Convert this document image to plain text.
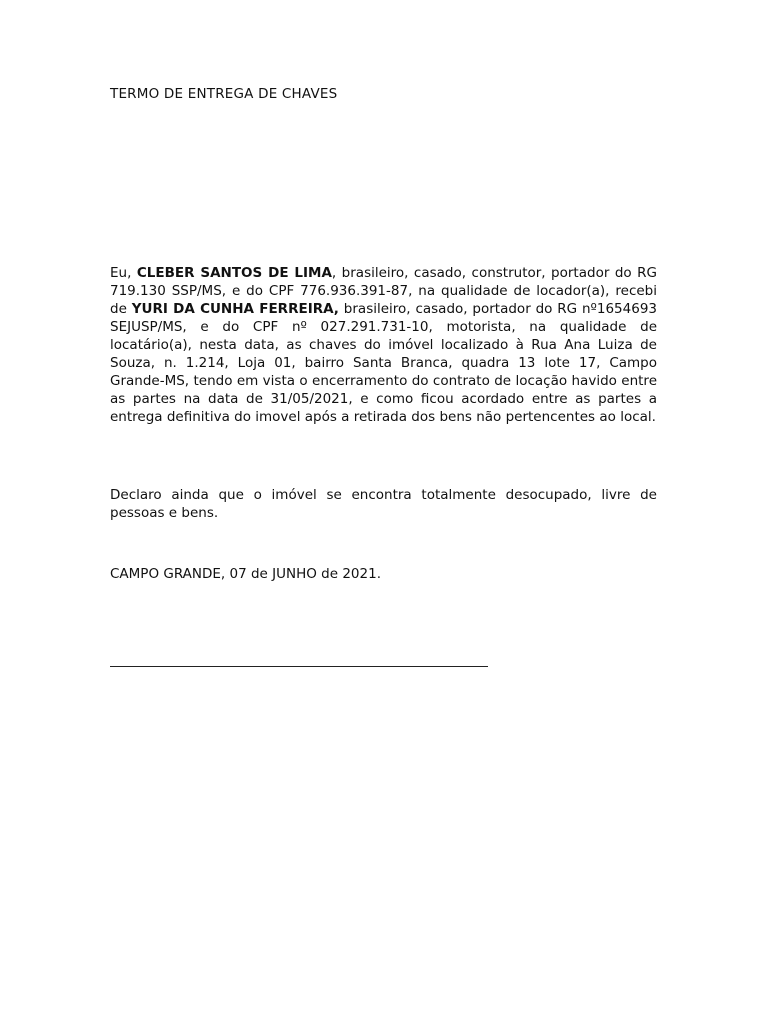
TERMO DE ENTREGA DE CHAVES

Eu, CLEBER SANTOS DE LIMA, brasileiro, casado, construtor, portador do RG 719.130 SSP/MS, e do CPF 776.936.391-87, na qualidade de locador(a), recebi de YURI DA CUNHA FERREIRA, brasileiro, casado, portador do RG nº1654693 SEJUSP/MS, e do CPF nº 027.291.731-10, motorista, na qualidade de locatário(a), nesta data, as chaves do imóvel localizado à Rua Ana Luiza de Souza, n. 1.214, Loja 01, bairro Santa Branca, quadra 13 lote 17, Campo Grande-MS, tendo em vista o encerramento do contrato de locação havido entre as partes na data de 31/05/2021, e como ficou acordado entre as partes a entrega definitiva do imovel após a retirada dos bens não pertencentes ao local.

Declaro ainda que o imóvel se encontra totalmente desocupado, livre de pessoas e bens.

CAMPO GRANDE, 07 de JUNHO de 2021.
